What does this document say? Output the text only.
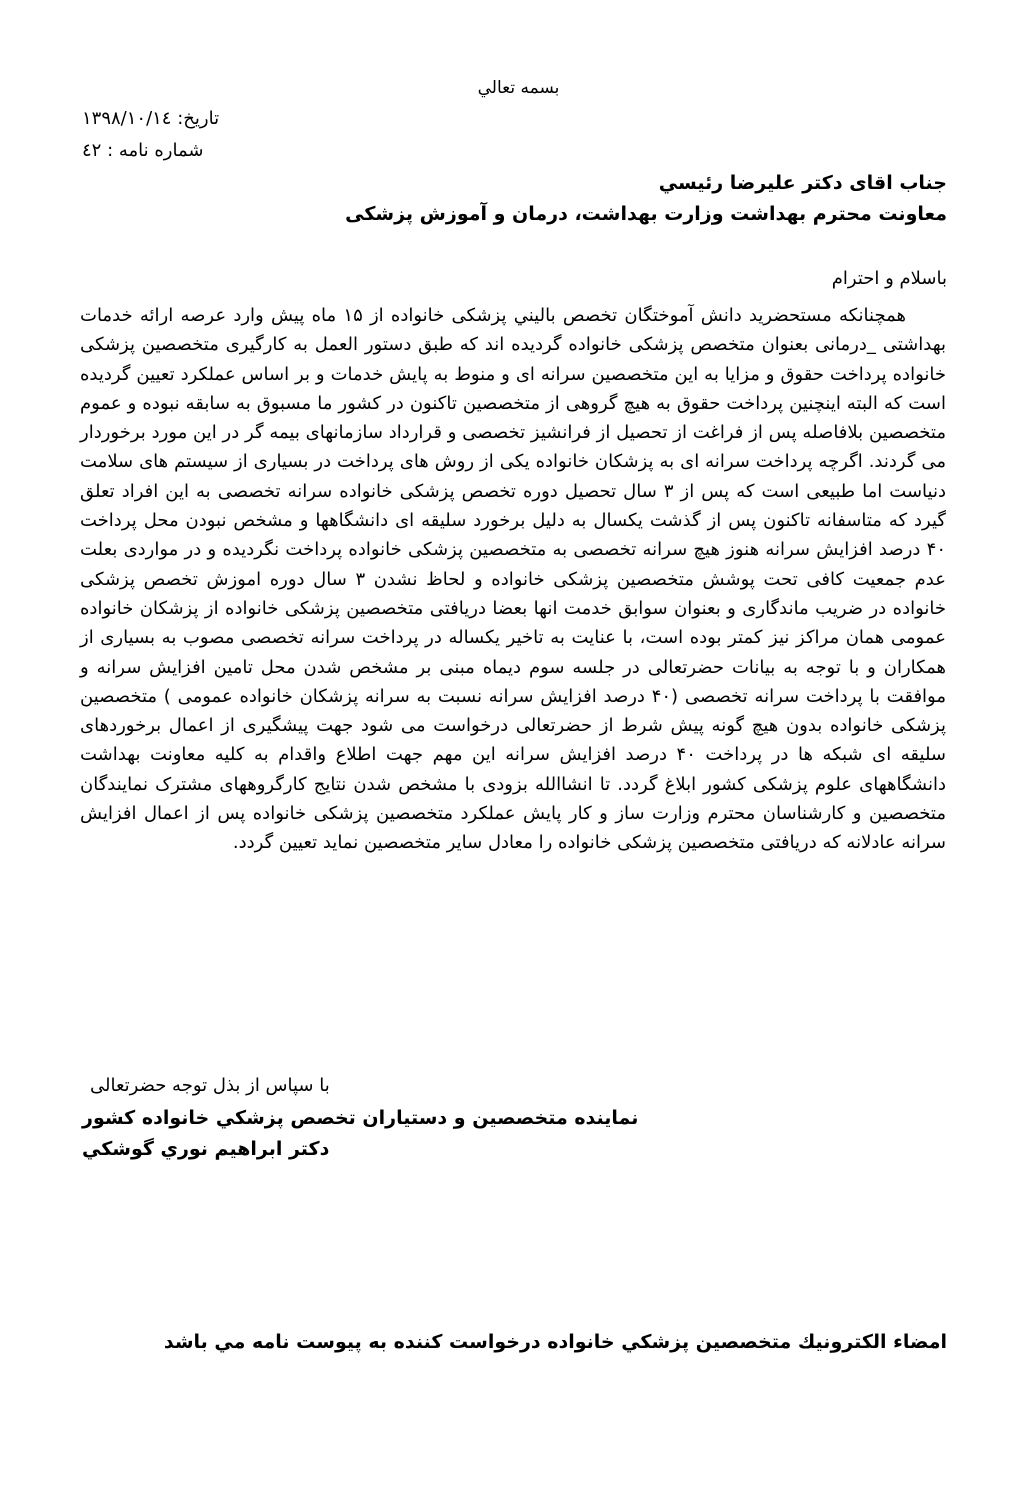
بسمه تعالي
تاریخ: ۱۳۹۸/۱۰/۱٤
شماره نامه : ٤۲
جناب اقای دکتر علیرضا رئيسي
معاونت محترم بهداشت وزارت بهداشت، درمان و آموزش پزشکی
باسلام و احترام

همچنانکه مستحضرید دانش آموختگان تخصص باليني پزشکی خانواده از ۱۵ ماه پیش وارد عرصه ارائه خدمات بهداشتی _درمانی بعنوان متخصص پزشکی خانواده گردیده اند که طبق دستور العمل به کارگیری متخصصین پزشکی خانواده پرداخت حقوق و مزایا به این متخصصین سرانه ای و منوط به پایش خدمات و بر اساس عملکرد تعیین گردیده است که البته اینچنین پرداخت حقوق به هیچ گروهی از متخصصین تاکنون در کشور ما مسبوق به سابقه نبوده و عموم متخصصین بلافاصله پس از فراغت از تحصیل از فرانشیز تخصصی و قرارداد سازمانهای بیمه گر در این مورد برخوردار می گردند. اگرچه پرداخت سرانه ای به پزشکان خانواده یکی از روش های پرداخت در بسیاری از سیستم های سلامت دنیاست اما طبیعی است که پس از ۳ سال تحصیل دوره تخصص پزشکی خانواده سرانه تخصصی به این افراد تعلق گیرد که متاسفانه تاکنون پس از گذشت یکسال به دلیل برخورد سلیقه ای دانشگاهها و مشخص نبودن محل پرداخت ۴۰ درصد افزایش سرانه هنوز هیچ سرانه تخصصی به متخصصین پزشکی خانواده پرداخت نگردیده و در مواردی بعلت عدم جمعیت کافی تحت پوشش متخصصین پزشکی خانواده و لحاظ نشدن ۳ سال دوره اموزش تخصص پزشکی خانواده در ضریب ماندگاری و بعنوان سوابق خدمت انها بعضا دریافتی متخصصین پزشکی خانواده از پزشکان خانواده عمومی همان مراکز نیز کمتر بوده است، با عنایت به تاخیر یکساله در پرداخت سرانه تخصصی مصوب به بسیاری از همکاران و با توجه به بیانات حضرتعالی در جلسه سوم دیماه مبنی بر مشخص شدن محل تامین افزایش سرانه و موافقت با پرداخت سرانه تخصصی (۴۰ درصد افزایش سرانه نسبت به سرانه پزشکان خانواده عمومی ) متخصصین پزشکی خانواده بدون هیچ گونه پیش شرط از حضرتعالی درخواست می شود جهت پیشگیری از اعمال برخوردهای سلیقه ای شبکه ها در پرداخت ۴۰ درصد افزایش سرانه این مهم جهت اطلاع واقدام به کلیه معاونت بهداشت دانشگاههای علوم پزشکی کشور ابلاغ گردد. تا انشاالله بزودی با مشخص شدن نتایج کارگروههای مشترک نمایندگان متخصصین و کارشناسان محترم وزارت ساز و کار پایش عملکرد متخصصین پزشکی خانواده پس از اعمال افزایش سرانه عادلانه که دریافتی متخصصین پزشکی خانواده را معادل سایر متخصصین نماید تعیین گردد.

با سپاس از بذل توجه حضرتعالی
نماینده متخصصین و دستیاران تخصص پزشكي خانواده كشور
دكتر ابراهيم نوري گوشكي
امضاء الكترونيك متخصصين پزشكي خانواده درخواست كننده به پيوست نامه مي باشد
